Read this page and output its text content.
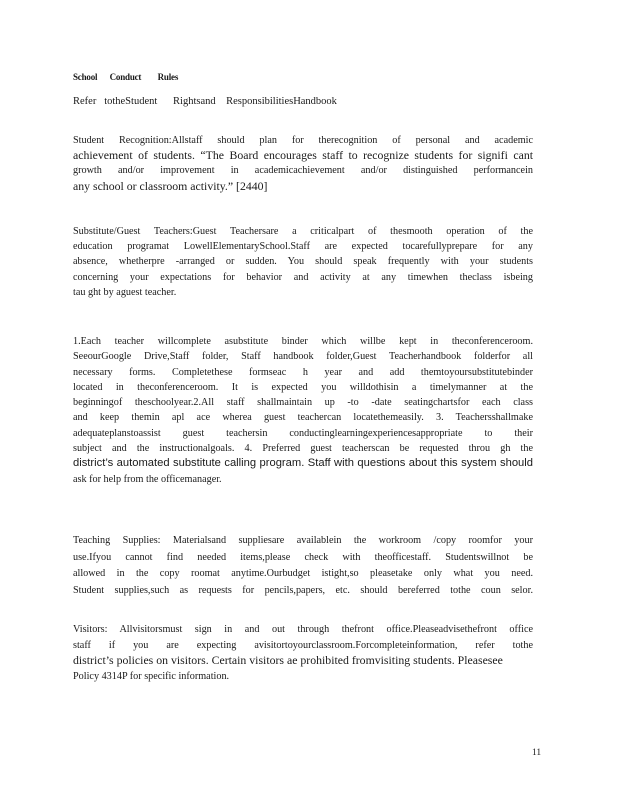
School      Conduct        Rules
Refer   totheStudent      Rightsand    ResponsibilitiesHandbook
Student Recognition:Allstaff should plan for therecognition of personal and academic
achievement of students. “The Board encourages staff to recognize students for signifi cant
growth and/or improvement in academicachievement and/or distinguished performancein
any school or classroom activity.” [2440]
Substitute/Guest Teachers:Guest Teachersare a criticalpart of thesmooth operation of the
education programat LowellElementarySchool.Staff are expected tocarefullyprepare for any
absence, whetherpre -arranged or sudden. You should speak frequently with your students
concerning your expectations for behavior and activity at any timewhen theclass isbeing
tau ght by aguest teacher.
1.Each teacher willcomplete asubstitute binder which willbe kept in theconferenceroom.
SeeourGoogle Drive,Staff folder, Staff handbook folder,Guest Teacherhandbook folderfor all
necessary forms. Completethese formseac h year and add themtoyoursubstitutebinder
located in theconferenceroom. It is expected you willdothisin a timelymanner at the
beginningof theschoolyear.2.All staff shallmaintain up -to -date seatingchartsfor each class
and keep themin apl ace wherea guest teachercan locatethemeasily. 3. Teachersshallmake
adequateplanstoassist guest teachersin conductinglearningexperiencesappropriate to their
subject and the instructionalgoals. 4. Preferred guest teacherscan be requested throu gh the
district’s automated substitute calling program. Staff with questions about this system should
ask for help from the officemanager.
Teaching Supplies: Materialsand suppliesare availablein the workroom /copy roomfor your
use.Ifyou cannot find needed items,please check with theofficestaff. Studentswillnot be
allowed in the copy roomat anytime.Ourbudget istight,so pleasetake only what you need.
Student supplies,such as requests for pencils,papers, etc. should bereferred tothe coun selor.
Visitors: Allvisitorsmust sign in and out through thefront office.Pleaseadvisethefront office
staff if you are expecting avisitortoyourclassroom.Forcompleteinformation, refer tothe
district’s policies on visitors. Certain visitors ae prohibited fromvisiting students. Pleasesee
Policy 4314P for specific information.
11
